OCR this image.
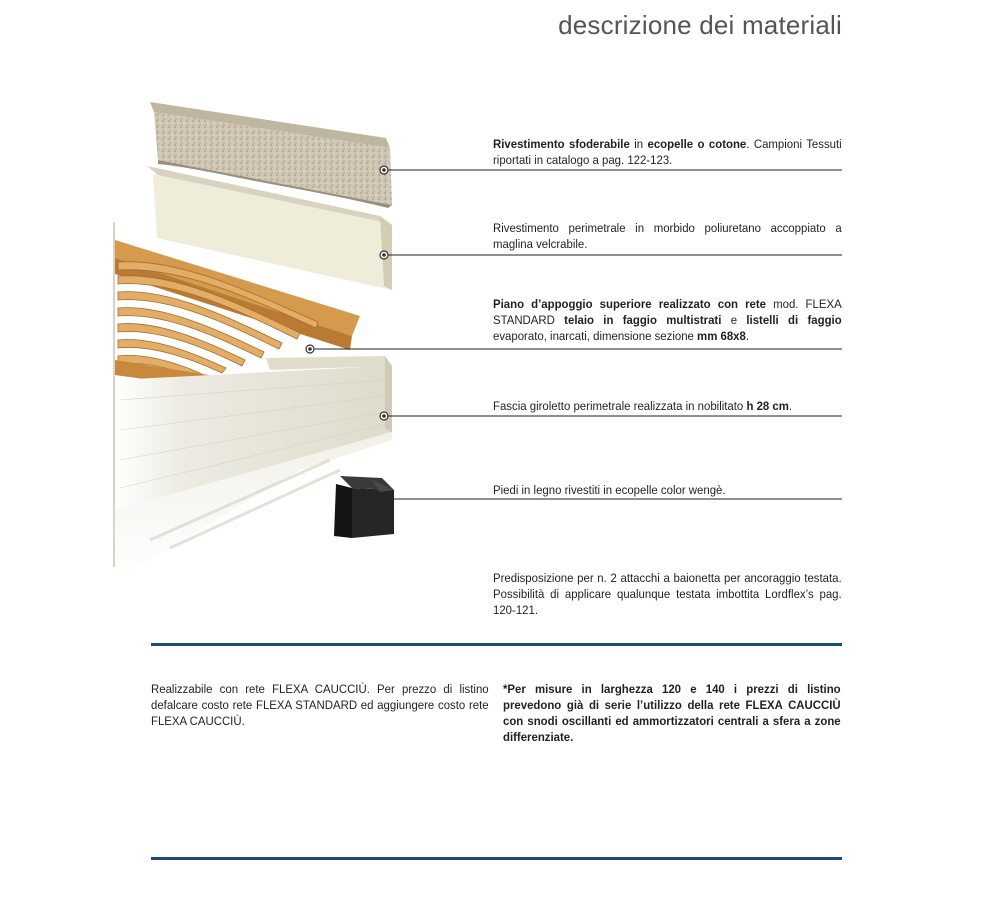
descrizione dei materiali
Rivestimento sfoderabile in ecopelle o cotone. Campioni Tessuti riportati in catalogo a pag. 122-123.
Rivestimento perimetrale in morbido poliuretano accoppiato a maglina velcrabile.
Piano d’appoggio superiore realizzato con rete mod. FLEXA STANDARD telaio in faggio multistrati e listelli di faggio evaporato, inarcati, dimensione sezione mm 68x8.
Fascia giroletto perimetrale realizzata in nobilitato h 28 cm.
Piedi in legno rivestiti in ecopelle color wengè.
Predisposizione per n. 2 attacchi a baionetta per ancoraggio testata. Possibilità di applicare qualunque testata imbottita Lordflex’s pag. 120-121.
Realizzabile con rete FLEXA CAUCCIÙ. Per prezzo di listino defalcare costo rete FLEXA STANDARD ed aggiungere costo rete FLEXA CAUCCIÙ.
*Per misure in larghezza 120 e 140 i prezzi di listino prevedono già di serie l’utilizzo della rete FLEXA CAUCCIÙ con snodi oscillanti ed ammortizzatori centrali a sfera a zone differenziate.
